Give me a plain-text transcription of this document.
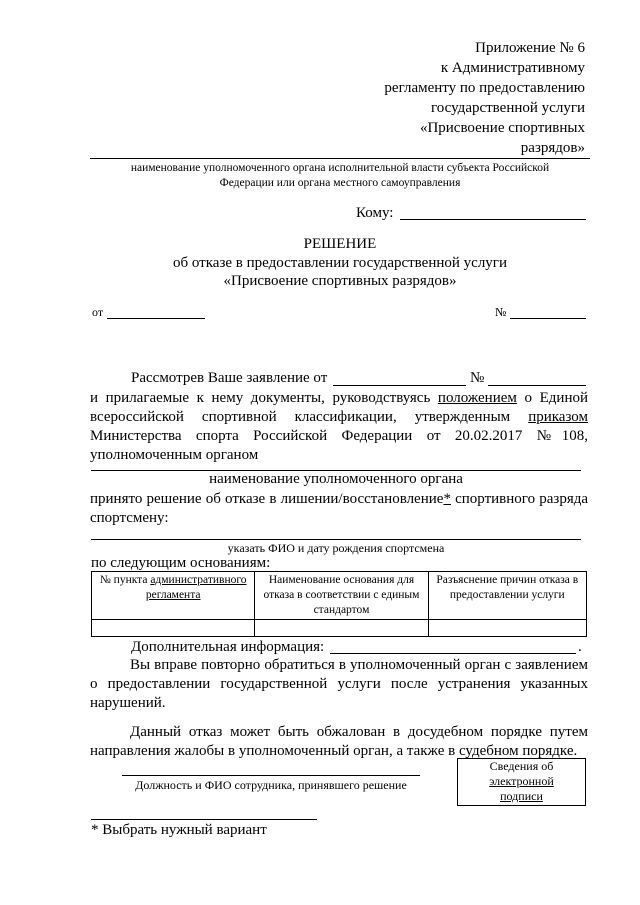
Приложение № 6
к Административному
регламенту по предоставлению
государственной услуги
«Присвоение спортивных
разрядов»
наименование уполномоченного органа исполнительной власти субъекта Российской
Федерации или органа местного самоуправления
Кому:
РЕШЕНИЕ
об отказе в предоставлении государственной услуги
«Присвоение спортивных разрядов»
от	№
Рассмотрев Ваше заявление от	№
и прилагаемые к нему документы, руководствуясь положением о Единой всероссийской спортивной классификации, утвержденным приказом Министерства спорта Российской Федерации от 20.02.2017 №108, уполномоченным органом
наименование уполномоченного органа
принято решение об отказе в лишении/восстановление* спортивного разряда спортсмену:
указать ФИО и дату рождения спортсмена
по следующим основаниям:
№ пункта административного регламента	Наименование основания для отказа в соответствии с единым стандартом	Разъяснение причин отказа в предоставлении услуги

Дополнительная информация:	.
Вы вправе повторно обратиться в уполномоченный орган с заявлением о предоставлении государственной услуги после устранения указанных нарушений.
Данный отказ может быть обжалован в досудебном порядке путем направления жалобы в уполномоченный орган, а также в судебном порядке.
Должность и ФИО сотрудника, принявшего решение
Сведения об
электронной
подписи
* Выбрать нужный вариант
